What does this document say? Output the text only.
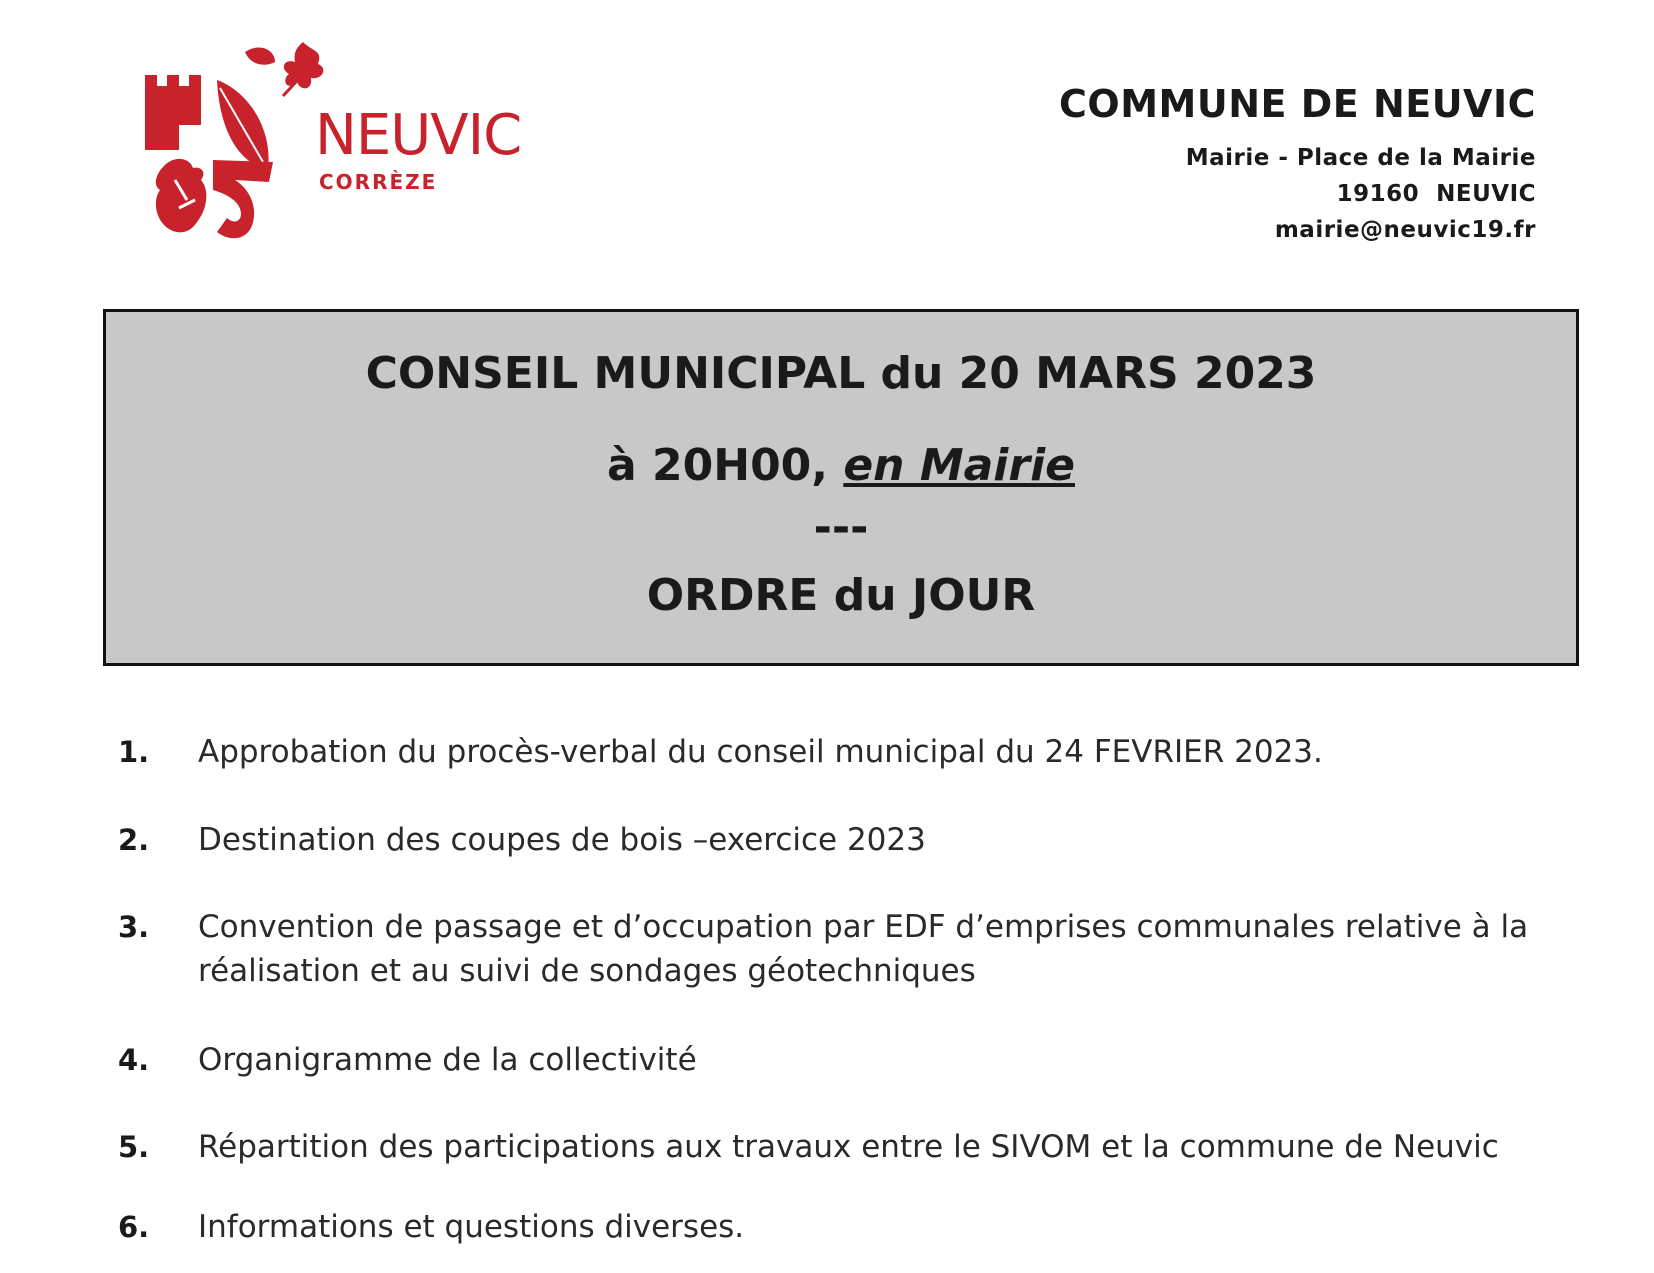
NEUVIC
CORRÈZE
COMMUNE DE NEUVIC
Mairie - Place de la Mairie
19160  NEUVIC
mairie@neuvic19.fr
CONSEIL MUNICIPAL du 20 MARS 2023
à 20H00, en Mairie
---
ORDRE du JOUR
1. Approbation du procès-verbal du conseil municipal du 24 FEVRIER 2023.
2. Destination des coupes de bois –exercice 2023
3. Convention de passage et d’occupation par EDF d’emprises communales relative à la réalisation et au suivi de sondages géotechniques
4. Organigramme de la collectivité
5. Répartition des participations aux travaux entre le SIVOM et la commune de Neuvic
6. Informations et questions diverses.
